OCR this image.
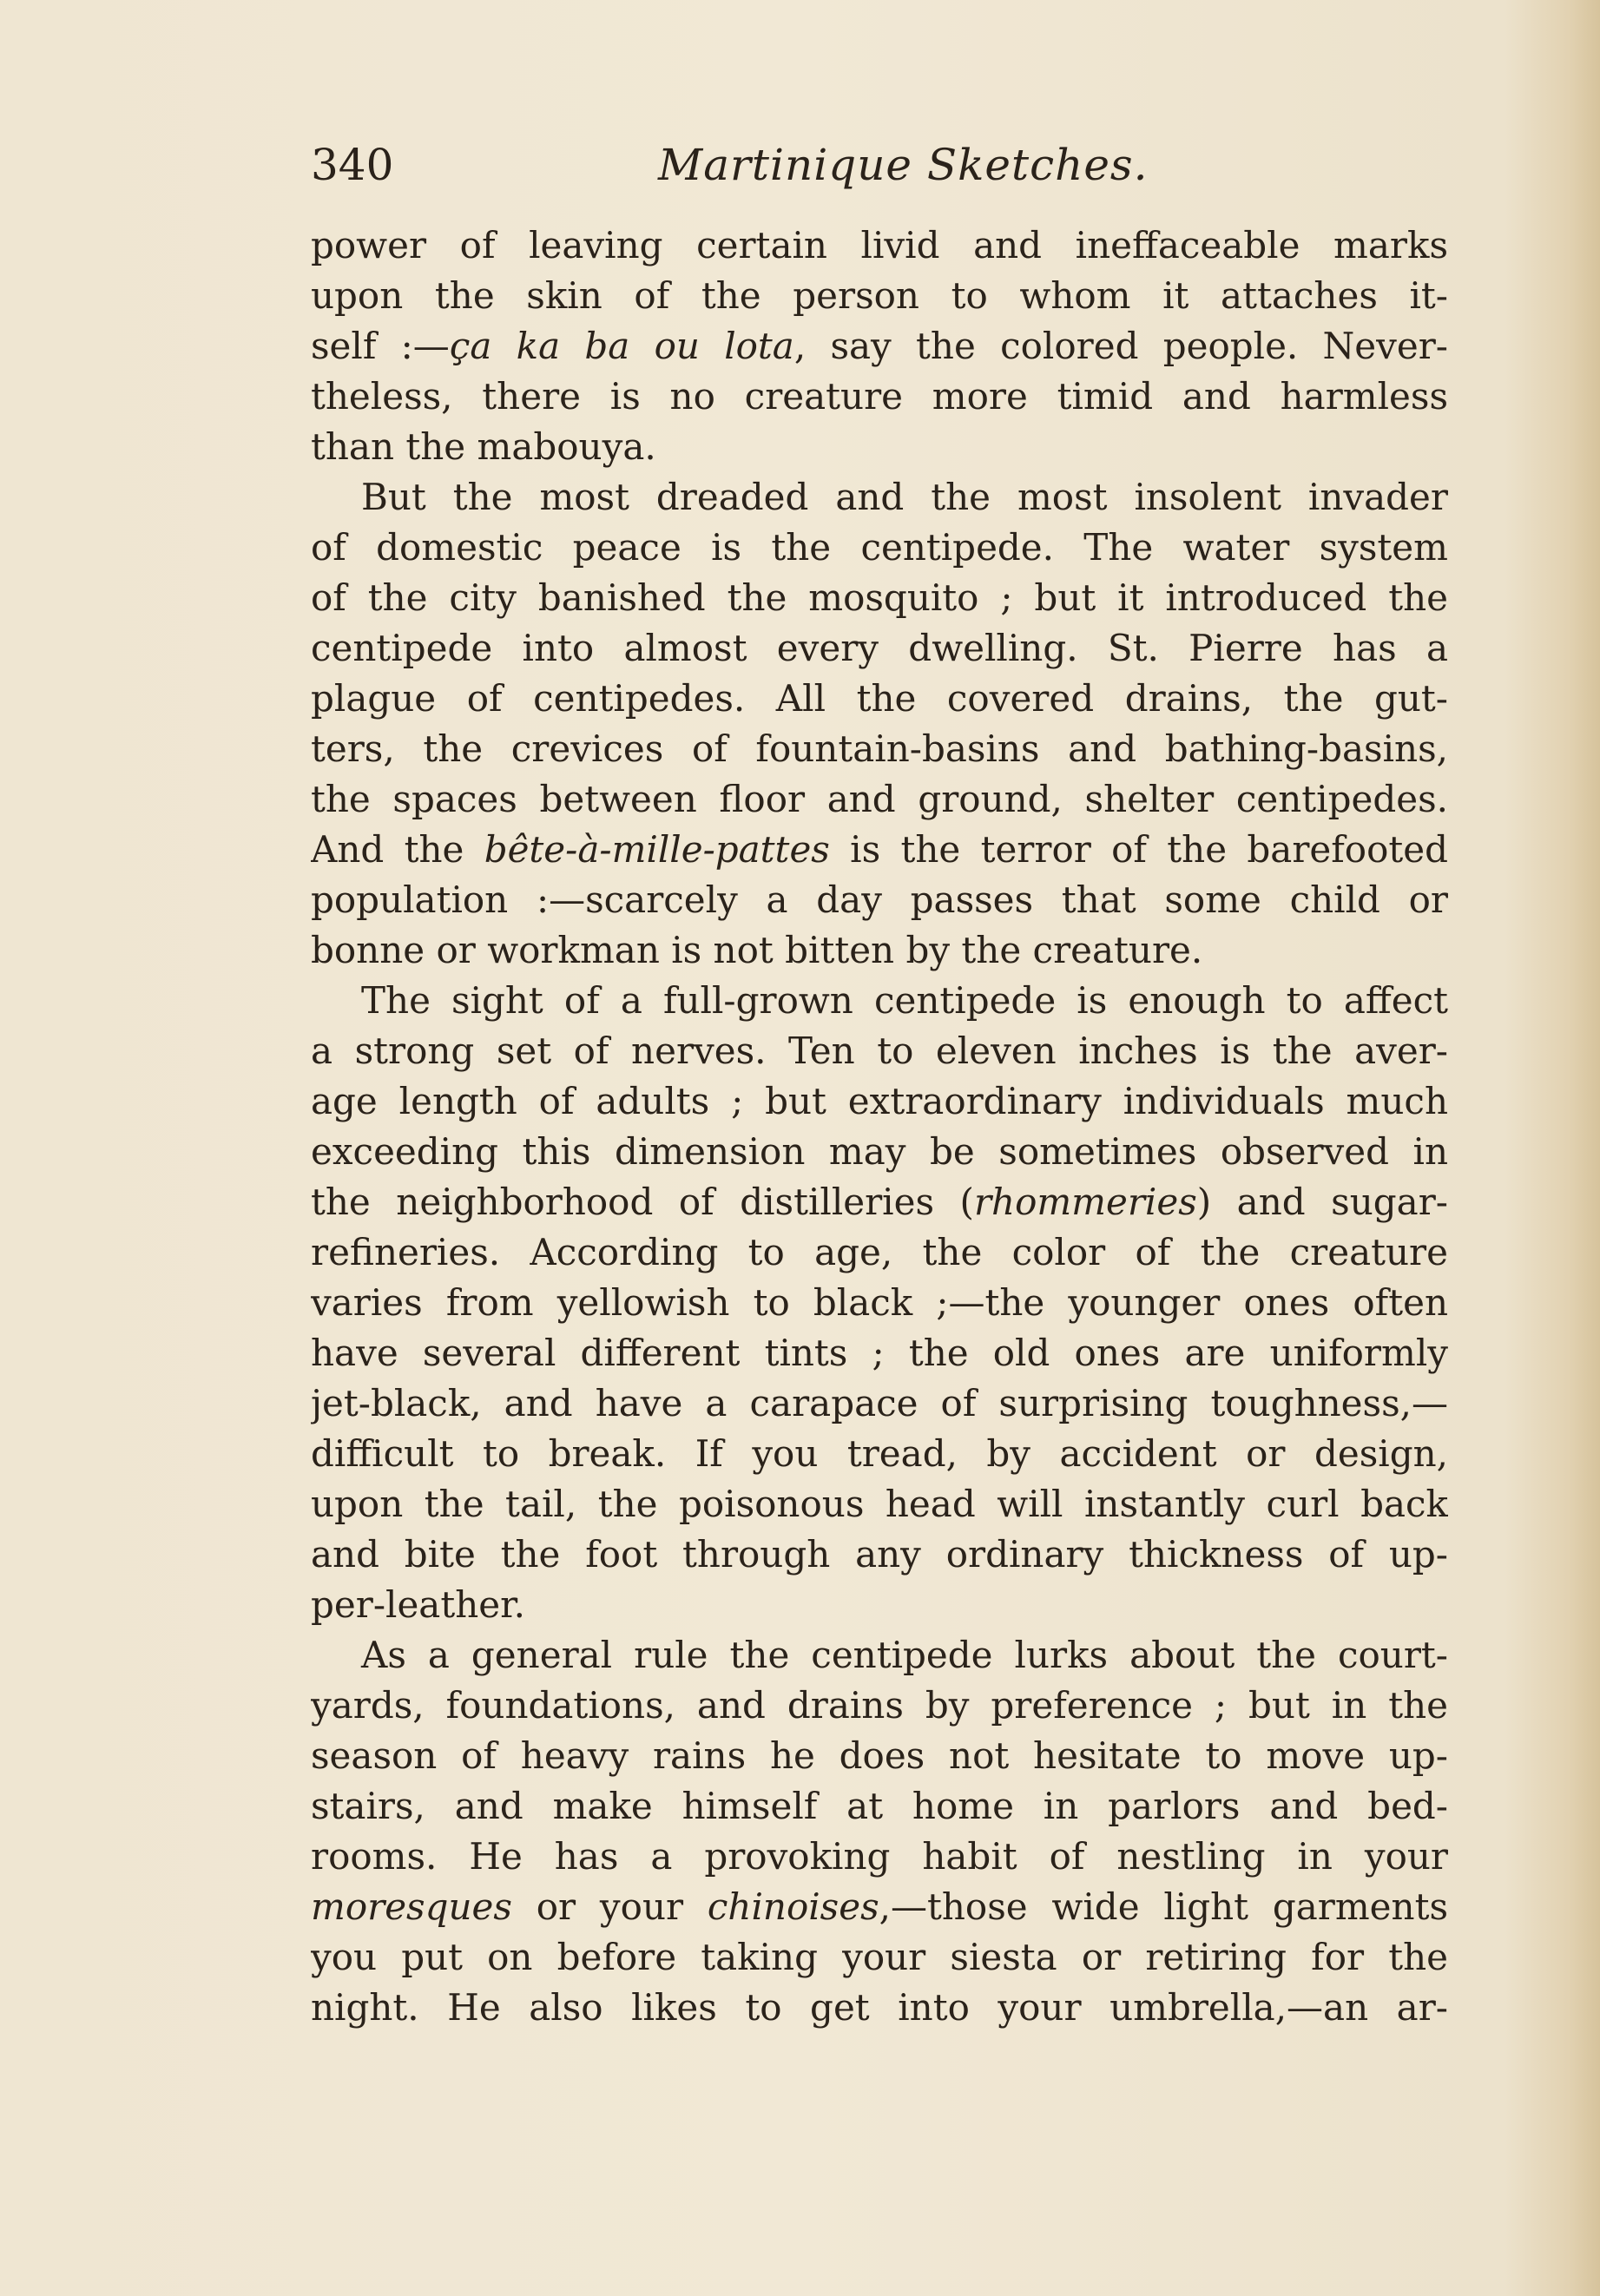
340	Martinique Sketches.
power of leaving certain livid and ineffaceable marks
upon the skin of the person to whom it attaches it-
self :—ça ka ba ou lota, say the colored people. Never-
theless, there is no creature more timid and harmless
than the mabouya.
But the most dreaded and the most insolent invader
of domestic peace is the centipede. The water system
of the city banished the mosquito ; but it introduced the
centipede into almost every dwelling. St. Pierre has a
plague of centipedes. All the covered drains, the gut-
ters, the crevices of fountain-basins and bathing-basins,
the spaces between floor and ground, shelter centipedes.
And the bête-à-mille-pattes is the terror of the barefooted
population :—scarcely a day passes that some child or
bonne or workman is not bitten by the creature.
The sight of a full-grown centipede is enough to affect
a strong set of nerves. Ten to eleven inches is the aver-
age length of adults ; but extraordinary individuals much
exceeding this dimension may be sometimes observed in
the neighborhood of distilleries (rhommeries) and sugar-
refineries. According to age, the color of the creature
varies from yellowish to black ;—the younger ones often
have several different tints ; the old ones are uniformly
jet-black, and have a carapace of surprising toughness,—
difficult to break. If you tread, by accident or design,
upon the tail, the poisonous head will instantly curl back
and bite the foot through any ordinary thickness of up-
per-leather.
As a general rule the centipede lurks about the court-
yards, foundations, and drains by preference ; but in the
season of heavy rains he does not hesitate to move up-
stairs, and make himself at home in parlors and bed-
rooms. He has a provoking habit of nestling in your
moresques or your chinoises,—those wide light garments
you put on before taking your siesta or retiring for the
night. He also likes to get into your umbrella,—an ar-
